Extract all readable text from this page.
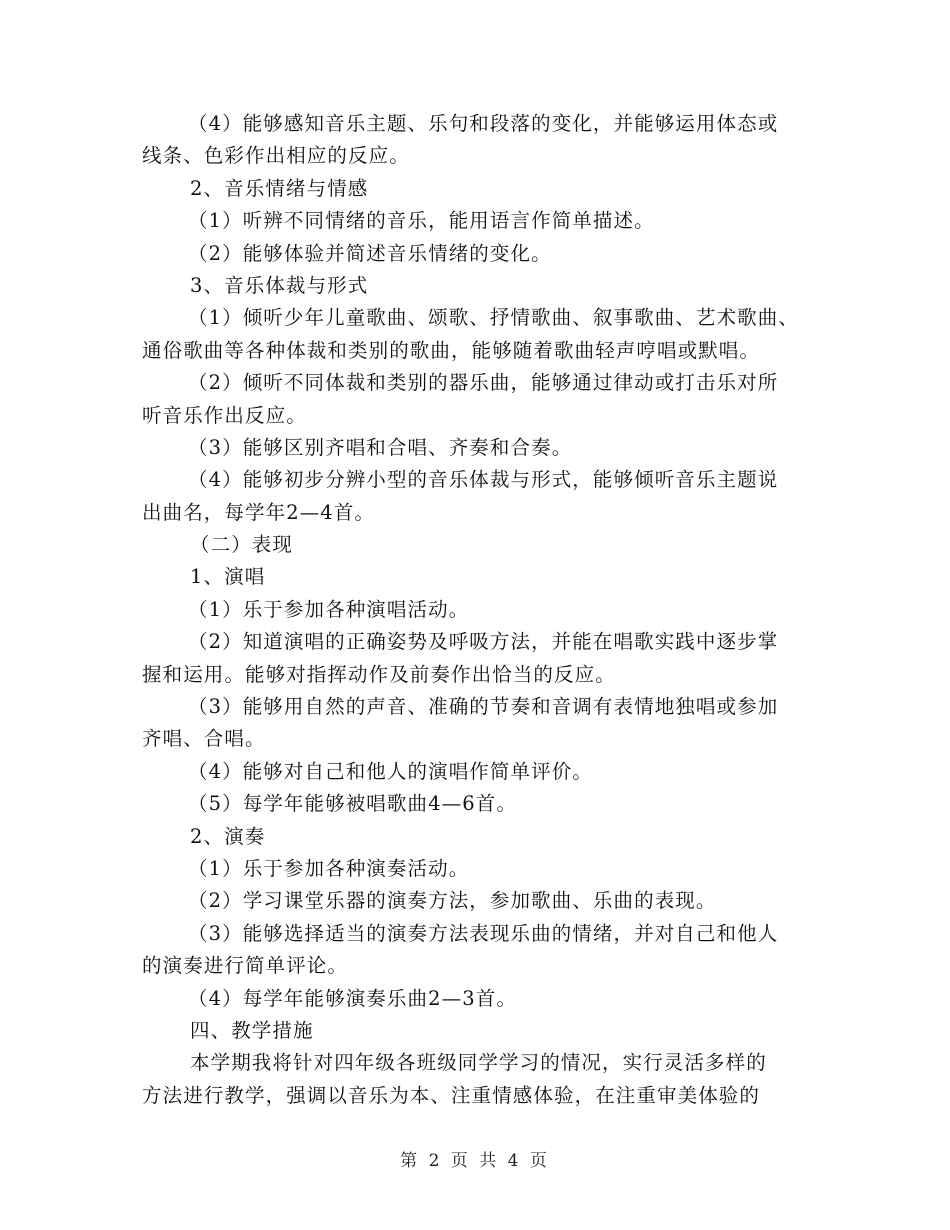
（4）能够感知音乐主题、乐句和段落的变化，并能够运用体态或
线条、色彩作出相应的反应。
2、音乐情绪与情感
（1）听辨不同情绪的音乐，能用语言作简单描述。
（2）能够体验并简述音乐情绪的变化。
3、音乐体裁与形式
（1）倾听少年儿童歌曲、颂歌、抒情歌曲、叙事歌曲、艺术歌曲、
通俗歌曲等各种体裁和类别的歌曲，能够随着歌曲轻声哼唱或默唱。
（2）倾听不同体裁和类别的器乐曲，能够通过律动或打击乐对所
听音乐作出反应。
（3）能够区别齐唱和合唱、齐奏和合奏。
（4）能够初步分辨小型的音乐体裁与形式，能够倾听音乐主题说
出曲名，每学年2—4首。
（二）表现
1、演唱
（1）乐于参加各种演唱活动。
（2）知道演唱的正确姿势及呼吸方法，并能在唱歌实践中逐步掌
握和运用。能够对指挥动作及前奏作出恰当的反应。
（3）能够用自然的声音、准确的节奏和音调有表情地独唱或参加
齐唱、合唱。
（4）能够对自己和他人的演唱作简单评价。
（5）每学年能够被唱歌曲4—6首。
2、演奏
（1）乐于参加各种演奏活动。
（2）学习课堂乐器的演奏方法，参加歌曲、乐曲的表现。
（3）能够选择适当的演奏方法表现乐曲的情绪，并对自己和他人
的演奏进行简单评论。
（4）每学年能够演奏乐曲2—3首。
四、教学措施
本学期我将针对四年级各班级同学学习的情况，实行灵活多样的
方法进行教学，强调以音乐为本、注重情感体验，在注重审美体验的
第 2 页 共 4 页
